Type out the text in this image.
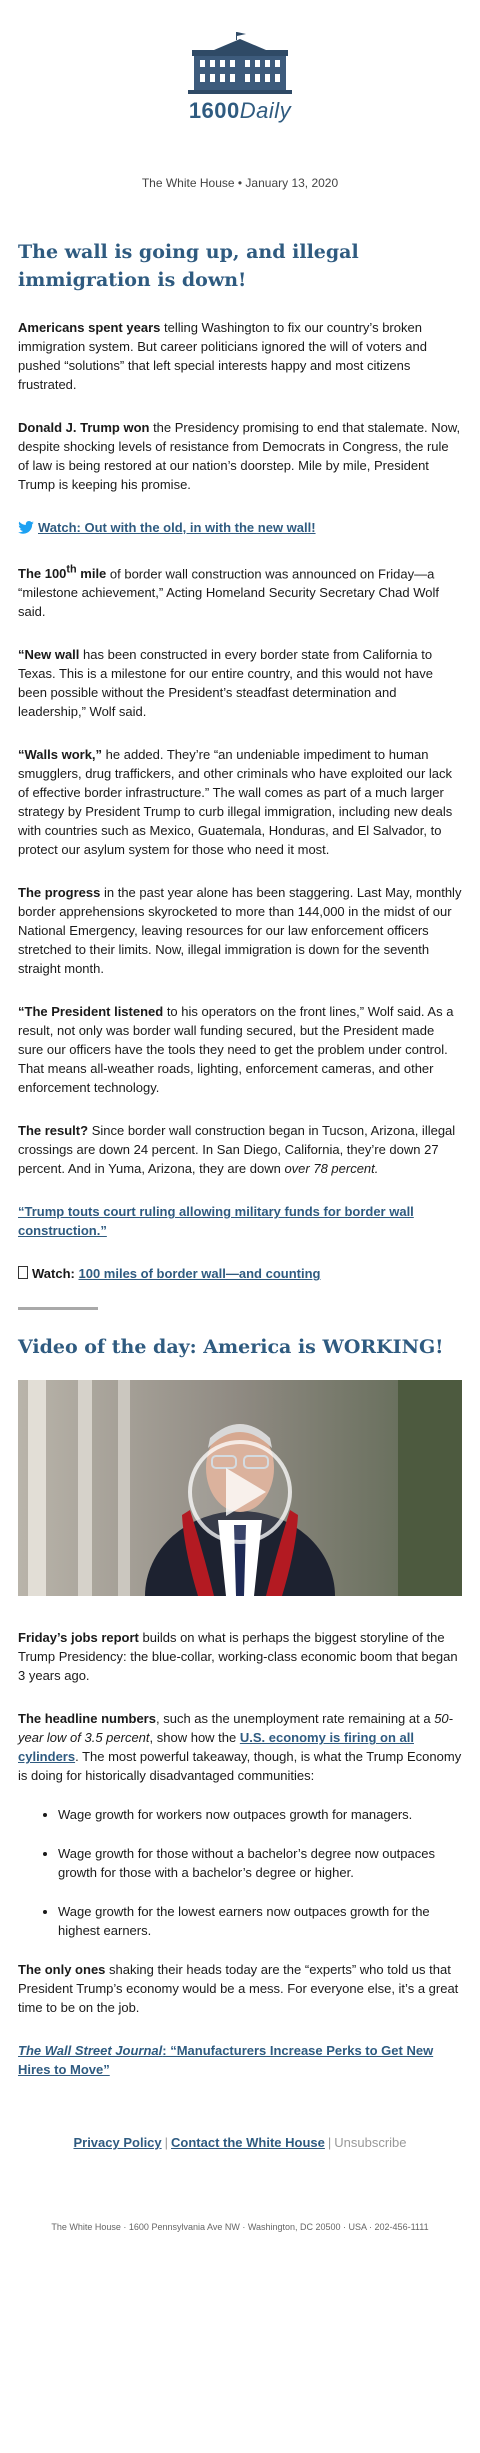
1600Daily
The White House • January 13, 2020
The wall is going up, and illegal immigration is down!

Americans spent years telling Washington to fix our country’s broken immigration system. But career politicians ignored the will of voters and pushed “solutions” that left special interests happy and most citizens frustrated.

Donald J. Trump won the Presidency promising to end that stalemate. Now, despite shocking levels of resistance from Democrats in Congress, the rule of law is being restored at our nation’s doorstep. Mile by mile, President Trump is keeping his promise.

Watch: Out with the old, in with the new wall!

The 100th mile of border wall construction was announced on Friday—a “milestone achievement,” Acting Homeland Security Secretary Chad Wolf said.

“New wall has been constructed in every border state from California to Texas. This is a milestone for our entire country, and this would not have been possible without the President’s steadfast determination and leadership,” Wolf said.

“Walls work,” he added. They’re “an undeniable impediment to human smugglers, drug traffickers, and other criminals who have exploited our lack of effective border infrastructure.” The wall comes as part of a much larger strategy by President Trump to curb illegal immigration, including new deals with countries such as Mexico, Guatemala, Honduras, and El Salvador, to protect our asylum system for those who need it most.

The progress in the past year alone has been staggering. Last May, monthly border apprehensions skyrocketed to more than 144,000 in the midst of our National Emergency, leaving resources for our law enforcement officers stretched to their limits. Now, illegal immigration is down for the seventh straight month.

“The President listened to his operators on the front lines,” Wolf said. As a result, not only was border wall funding secured, but the President made sure our officers have the tools they need to get the problem under control. That means all-weather roads, lighting, enforcement cameras, and other enforcement technology.

The result? Since border wall construction began in Tucson, Arizona, illegal crossings are down 24 percent. In San Diego, California, they’re down 27 percent. And in Yuma, Arizona, they are down over 78 percent.

“Trump touts court ruling allowing military funds for border wall construction.”

Watch: 100 miles of border wall—and counting
Video of the day: America is WORKING!

Friday’s jobs report builds on what is perhaps the biggest storyline of the Trump Presidency: the blue-collar, working-class economic boom that began 3 years ago.

The headline numbers, such as the unemployment rate remaining at a 50-year low of 3.5 percent, show how the U.S. economy is firing on all cylinders. The most powerful takeaway, though, is what the Trump Economy is doing for historically disadvantaged communities:

• Wage growth for workers now outpaces growth for managers.
• Wage growth for those without a bachelor’s degree now outpaces growth for those with a bachelor’s degree or higher.
• Wage growth for the lowest earners now outpaces growth for the highest earners.

The only ones shaking their heads today are the “experts” who told us that President Trump’s economy would be a mess. For everyone else, it’s a great time to be on the job.

The Wall Street Journal: “Manufacturers Increase Perks to Get New Hires to Move”

Privacy Policy | Contact the White House | Unsubscribe
The White House · 1600 Pennsylvania Ave NW · Washington, DC 20500 · USA · 202-456-1111
